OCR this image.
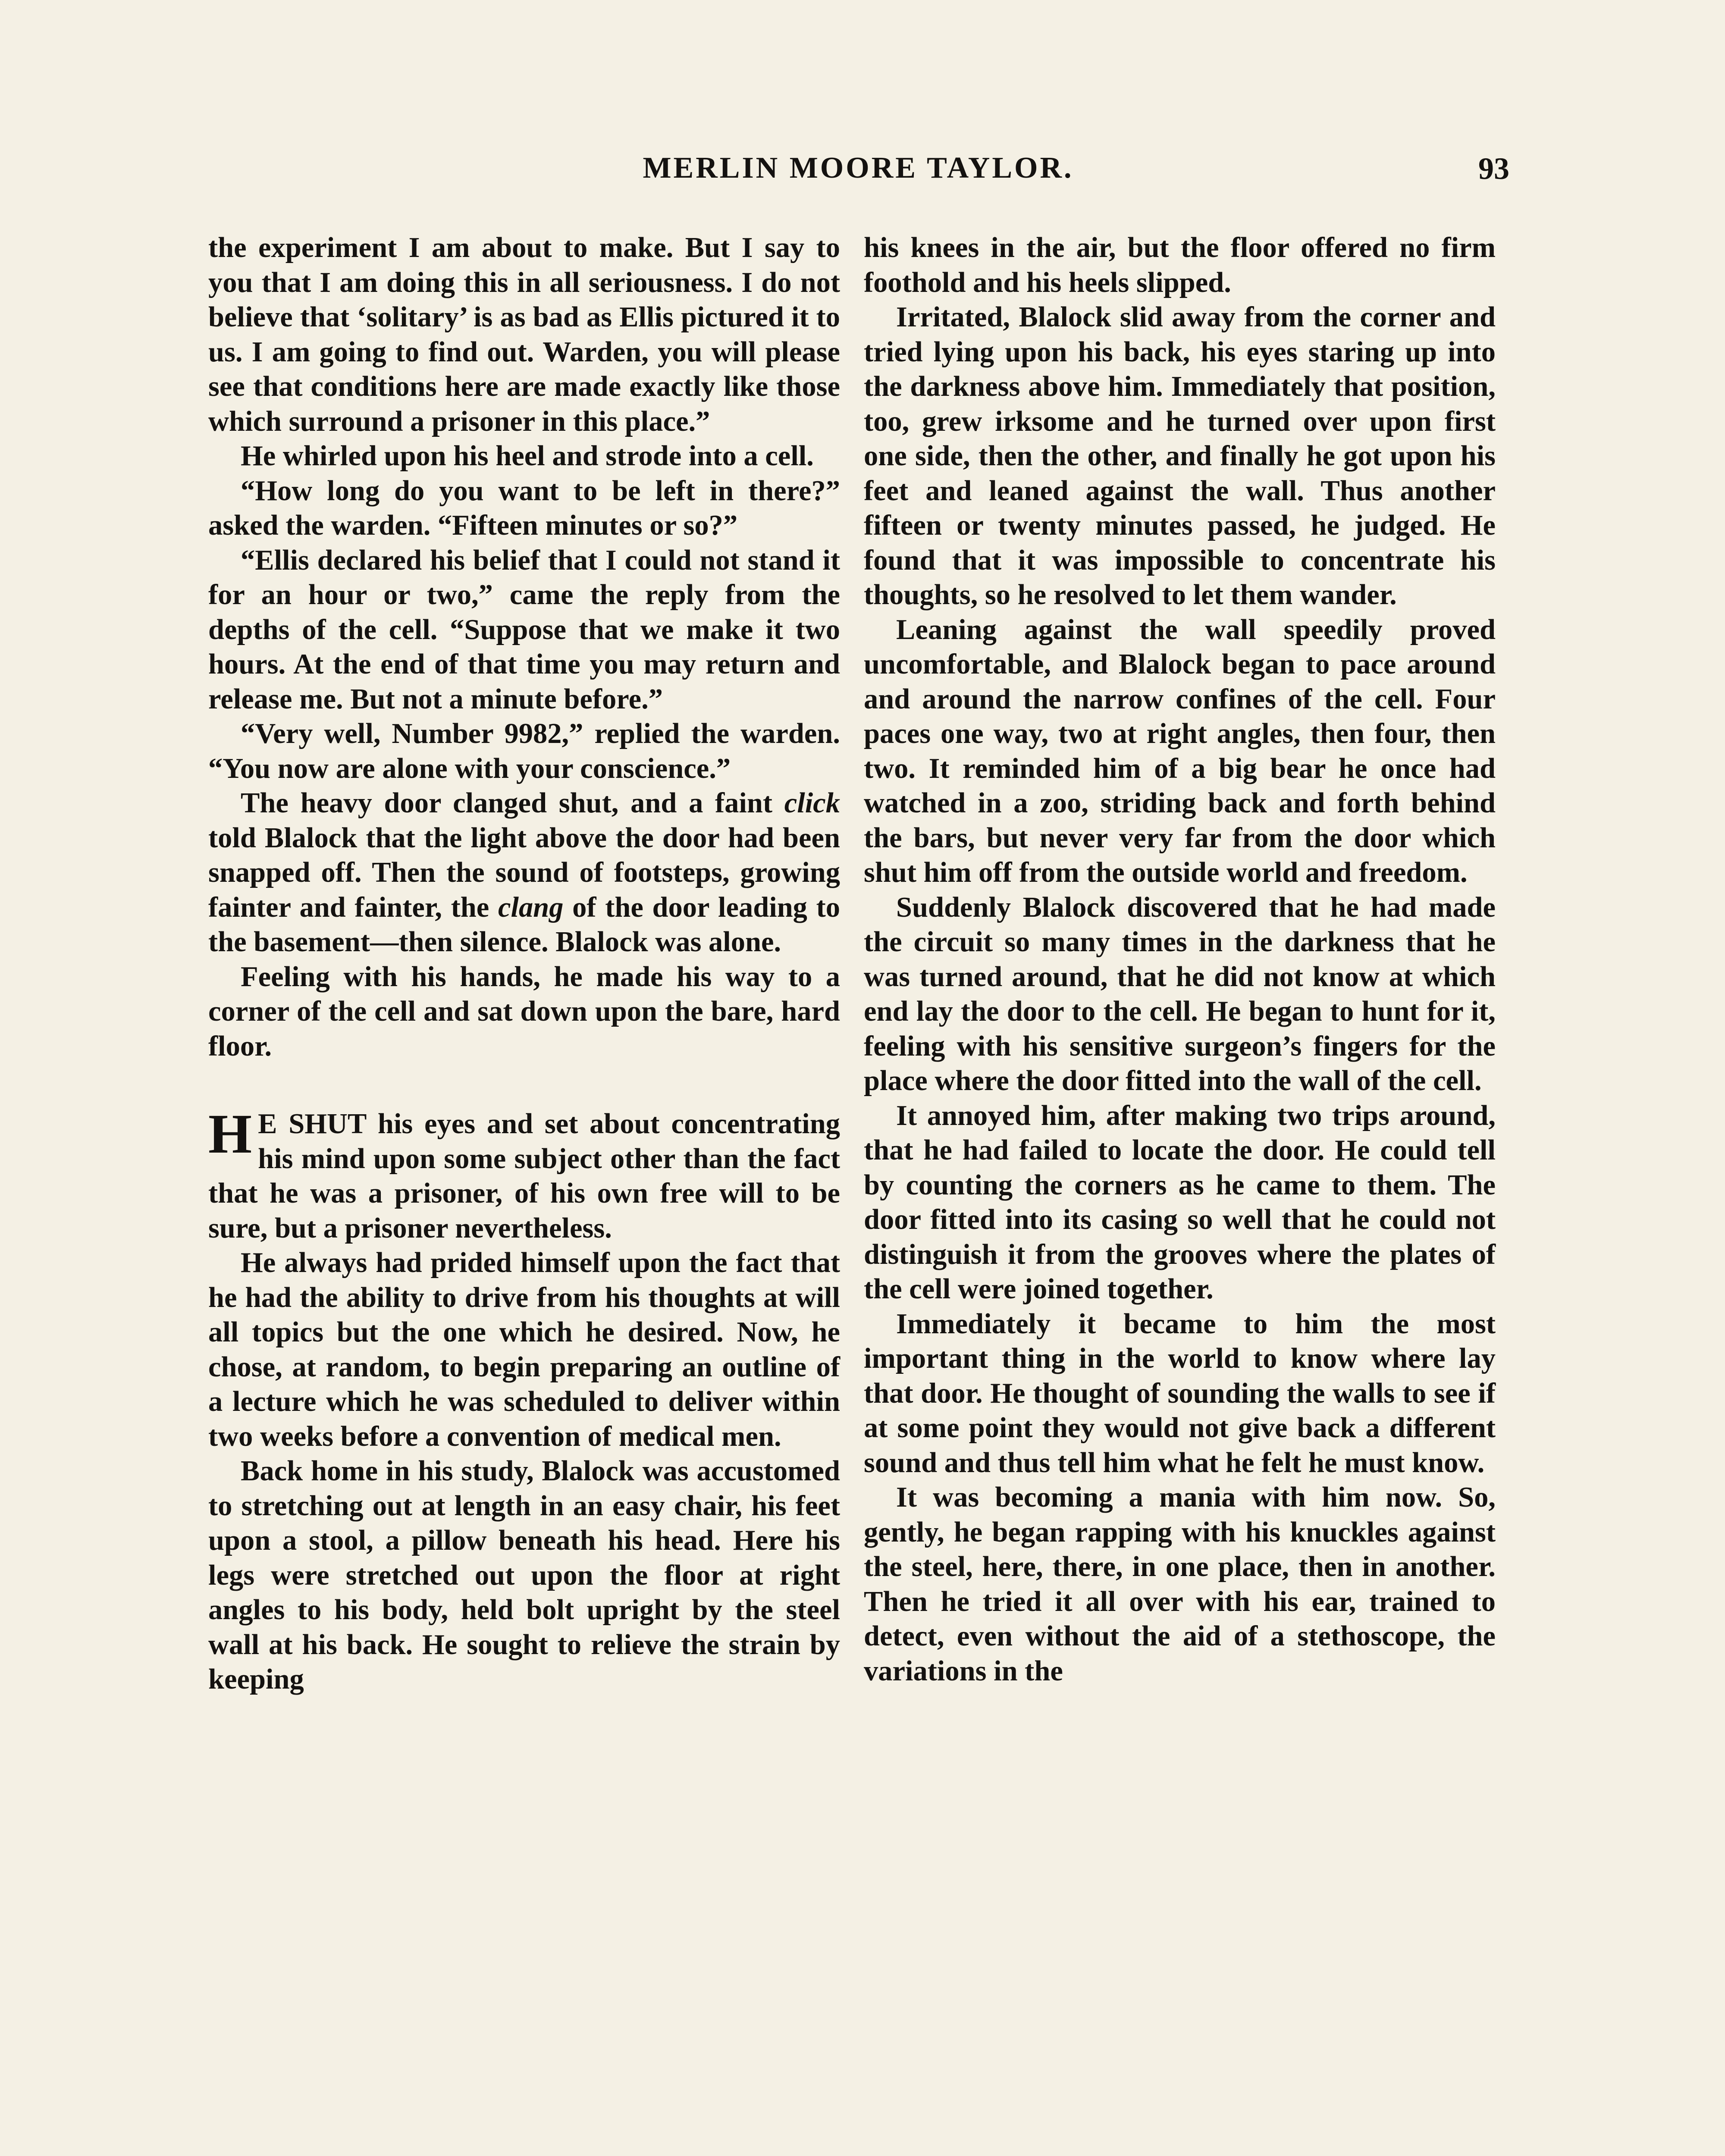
MERLIN MOORE TAYLOR.	93

the experiment I am about to make. But I say to you that I am doing this in all seriousness. I do not believe that ‘solitary’ is as bad as Ellis pictured it to us. I am going to find out. Warden, you will please see that conditions here are made exactly like those which surround a prisoner in this place.”

He whirled upon his heel and strode into a cell.

“How long do you want to be left in there?” asked the warden. “Fifteen minutes or so?”

“Ellis declared his belief that I could not stand it for an hour or two,” came the reply from the depths of the cell. “Suppose that we make it two hours. At the end of that time you may return and release me. But not a minute before.”

“Very well, Number 9982,” replied the warden. “You now are alone with your conscience.”

The heavy door clanged shut, and a faint click told Blalock that the light above the door had been snapped off. Then the sound of footsteps, growing fainter and fainter, the clang of the door leading to the basement—then silence. Blalock was alone.

Feeling with his hands, he made his way to a corner of the cell and sat down upon the bare, hard floor.

H E SHUT his eyes and set about concentrating his mind upon some subject other than the fact that he was a prisoner, of his own free will to be sure, but a prisoner nevertheless.

He always had prided himself upon the fact that he had the ability to drive from his thoughts at will all topics but the one which he desired. Now, he chose, at random, to begin preparing an outline of a lecture which he was scheduled to deliver within two weeks before a convention of medical men.

Back home in his study, Blalock was accustomed to stretching out at length in an easy chair, his feet upon a stool, a pillow beneath his head. Here his legs were stretched out upon the floor at right angles to his body, held bolt upright by the steel wall at his back. He sought to relieve the strain by keeping

his knees in the air, but the floor offered no firm foothold and his heels slipped.

Irritated, Blalock slid away from the corner and tried lying upon his back, his eyes staring up into the darkness above him. Immediately that position, too, grew irksome and he turned over upon first one side, then the other, and finally he got upon his feet and leaned against the wall. Thus another fifteen or twenty minutes passed, he judged. He found that it was impossible to concentrate his thoughts, so he resolved to let them wander.

Leaning against the wall speedily proved uncomfortable, and Blalock began to pace around and around the narrow confines of the cell. Four paces one way, two at right angles, then four, then two. It reminded him of a big bear he once had watched in a zoo, striding back and forth behind the bars, but never very far from the door which shut him off from the outside world and freedom.

Suddenly Blalock discovered that he had made the circuit so many times in the darkness that he was turned around, that he did not know at which end lay the door to the cell. He began to hunt for it, feeling with his sensitive surgeon’s fingers for the place where the door fitted into the wall of the cell.

It annoyed him, after making two trips around, that he had failed to locate the door. He could tell by counting the corners as he came to them. The door fitted into its casing so well that he could not distinguish it from the grooves where the plates of the cell were joined together.

Immediately it became to him the most important thing in the world to know where lay that door. He thought of sounding the walls to see if at some point they would not give back a different sound and thus tell him what he felt he must know.

It was becoming a mania with him now. So, gently, he began rapping with his knuckles against the steel, here, there, in one place, then in another. Then he tried it all over with his ear, trained to detect, even without the aid of a stethoscope, the variations in the
